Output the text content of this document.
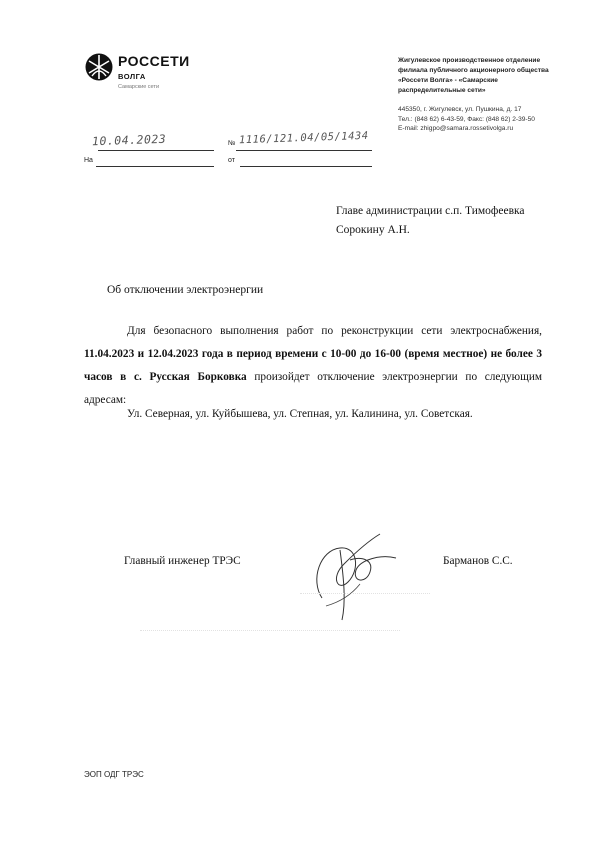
РОССЕТИ
ВОЛГА
Самарские сети
Жигулевское производственное отделение
филиала публичного акционерного общества
«Россети Волга» - «Самарские
распределительные сети»
445350, г. Жигулевск, ул. Пушкина, д. 17
Тел.: (848 62) 6-43-59, Факс: (848 62) 2-39-50
E-mail: zhigpo@samara.rossetivolga.ru
10.04.2023	№ 1116/121.04/05/1434
На	от
Главе администрации с.п. Тимофеевка
Сорокину А.Н.
Об отключении электроэнергии
Для безопасного выполнения работ по реконструкции сети электроснабжения, 11.04.2023 и 12.04.2023 года в период времени с 10-00 до 16-00 (время местное) не более 3 часов в с. Русская Борковка произойдет отключение электроэнергии по следующим адресам:
Ул. Северная, ул. Куйбышева, ул. Степная, ул. Калинина, ул. Советская.
Главный инженер ТРЭС	Барманов С.С.
ЭОП ОДГ ТРЭС
